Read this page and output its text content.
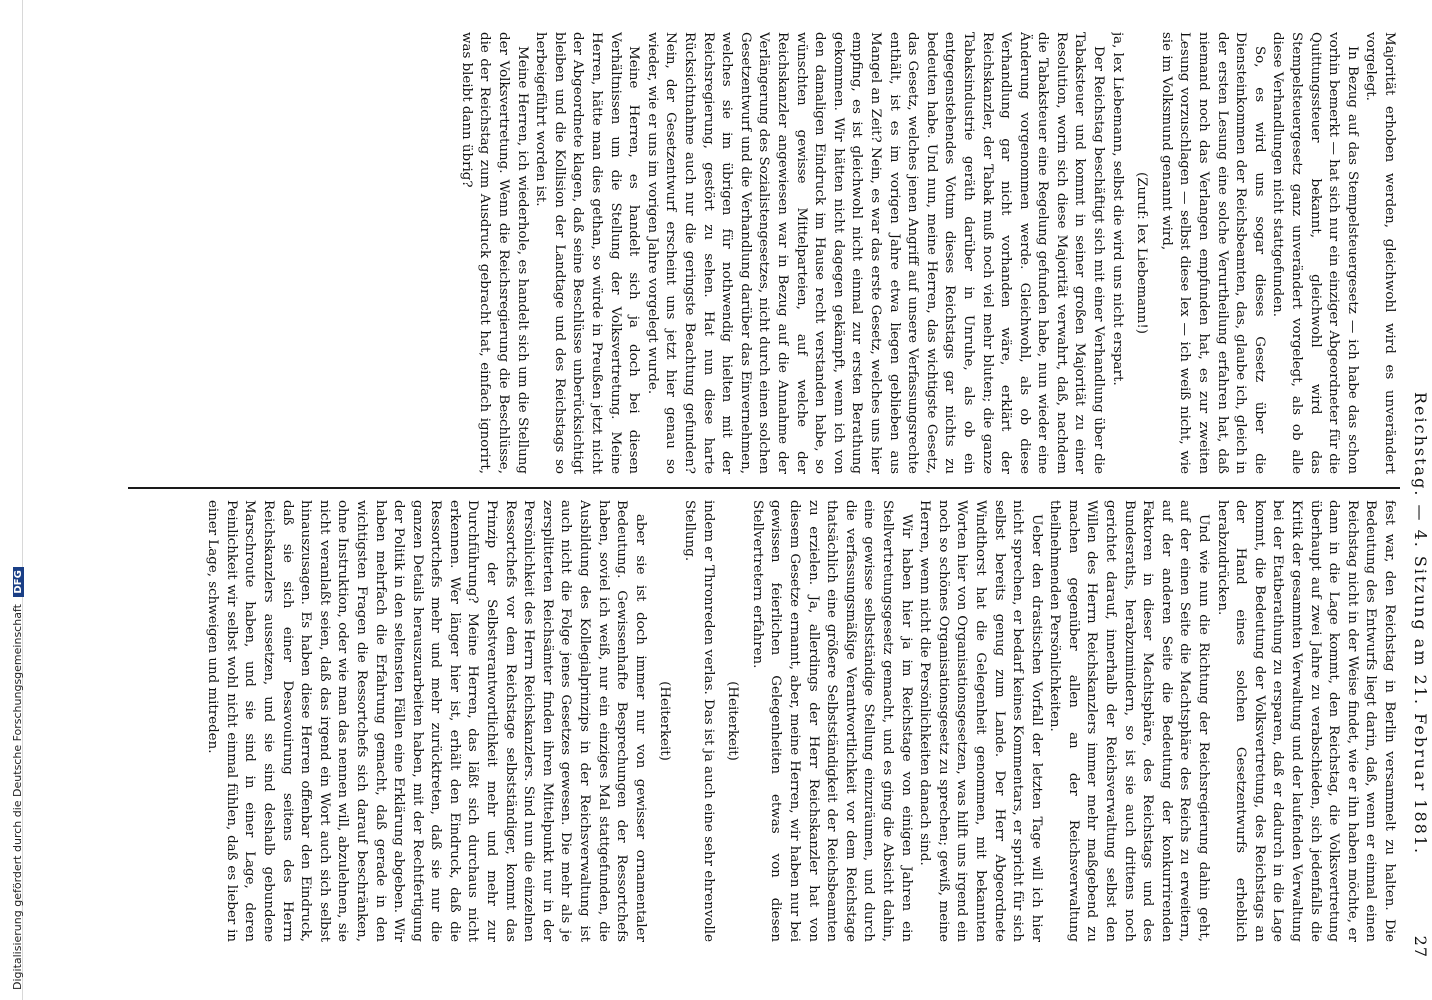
Digitalisierung gefördert durch die Deutsche Forschungsgemeinschaft DFG	Reichstag. — 4. Sitzung am 21. Februar 1881.
27

Majorität erhoben werden, gleichwohl wird es unverändert vorgelegt.

In Bezug auf das Stempelsteuergesetz — ich habe das schon vorhin bemerkt — hat sich nur ein einziger Abgeordneter für die Quittungssteuer bekannt, gleichwohl wird das Stempelsteuergesetz ganz unverändert vorgelegt, als ob alle diese Verhandlungen nicht stattgefunden.

So, es wird uns sogar dieses Gesetz über die Diensteinkommen der Reichsbeamten, das, glaube ich, gleich in der ersten Lesung eine solche Verurtheilung erfahren hat, daß niemand noch das Verlangen empfunden hat, es zur zweiten Lesung vorzuschlagen — selbst diese lex — ich weiß nicht, wie sie im Volksmund genannt wird,

(Zuruf: lex Liebemann!)

ja, lex Liebemann, selbst die wird uns nicht erspart.

Der Reichstag beschäftigt sich mit einer Verhandlung über die Tabaksteuer und kommt in seiner großen Majorität zu einer Resolution, worin sich diese Majorität verwahrt, daß, nachdem die Tabaksteuer eine Regelung gefunden habe, nun wieder eine Änderung vorgenommen werde. Gleichwohl, als ob diese Verhandlung gar nicht vorhanden wäre, erklärt der Reichskanzler, der Tabak muß noch viel mehr bluten; die ganze Tabaksindustrie geräth darüber in Unruhe, als ob ein entgegenstehendes Votum dieses Reichstags gar nichts zu bedeuten habe. Und nun, meine Herren, das wichtigste Gesetz, das Gesetz, welches jenen Angriff auf unsere Verfassungsrechte enthält, ist es im vorigen Jahre etwa liegen geblieben aus Mangel an Zeit? Nein, es war das erste Gesetz, welches uns hier empfing, es ist gleichwohl nicht einmal zur ersten Berathung gekommen. Wir hätten nicht dagegen gekämpft, wenn ich von den damaligen Eindruck im Hause recht verstanden habe, so wünschten gewisse Mittelparteien, auf welche der Reichskanzler angewiesen war in Bezug auf die Annahme der Verlängerung des Sozialistengesetzes, nicht durch einen solchen Gesetzentwurf und die Verhandlung darüber das Einvernehmen, welches sie im übrigen für nothwendig hielten mit der Reichsregierung, gestört zu sehen. Hat nun diese harte Rücksichtnahme auch nur die geringste Beachtung gefunden? Nein, der Gesetzentwurf erscheint uns jetzt hier genau so wieder, wie er uns im vorigen Jahre vorgelegt wurde.

Meine Herren, es handelt sich ja doch bei diesen Verhältnissen um die Stellung der Volksvertretung. Meine Herren, hätte man dies gethan, so würde in Preußen jetzt nicht der Abgeordnete klagen, daß seine Beschlüsse unberücksichtigt bleiben und die Kollision der Landtage und des Reichstags so herbeigeführt worden ist.

Meine Herren, ich wiederhole, es handelt sich um die Stellung der Volksvertretung. Wenn die Reichsregierung die Beschlüsse, die der Reichstag zum Ausdruck gebracht hat, einfach ignorirt, was bleibt dann übrig?

fest war, den Reichstag in Berlin versammelt zu halten. Die Bedeutung des Entwurfs liegt darin, daß, wenn er einmal einen Reichstag nicht in der Weise findet, wie er ihn haben möchte, er dann in die Lage kommt, den Reichstag, die Volksvertretung überhaupt auf zwei Jahre zu verabschieden, sich jedenfalls die Kritik der gesammten Verwaltung und der laufenden Verwaltung bei der Etatberathung zu ersparen, daß er dadurch in die Lage kommt, die Bedeutung der Volksvertretung, des Reichstags an der Hand eines solchen Gesetzentwurfs erheblich herabzudrücken.

Und wie nun die Richtung der Reichsregierung dahin geht, auf der einen Seite die Machtsphäre des Reichs zu erweitern, auf der anderen Seite die Bedeutung der konkurrirenden Faktoren in dieser Machtsphäre, des Reichstags und des Bundesraths, herabzumindern, so ist sie auch drittens noch gerichtet darauf, innerhalb der Reichsverwaltung selbst den Willen des Herrn Reichskanzlers immer mehr maßgebend zu machen gegenüber allen an der Reichsverwaltung theilnehmenden Persönlichkeiten.

Ueber den drastischen Vorfall der letzten Tage will ich hier nicht sprechen, er bedarf keines Kommentars, er spricht für sich selbst bereits genug zum Lande. Der Herr Abgeordnete Windthorst hat die Gelegenheit genommen, mit bekannten Worten hier von Organisationsgesetzen, was hilft uns irgend ein noch so schönes Organisationsgesetz zu sprechen; gewiß, meine Herren, wenn nicht die Persönlichkeiten danach sind.

Wir haben hier ja im Reichstage von einigen Jahren ein Stellvertretungsgesetz gemacht, und es ging die Absicht dahin, eine gewisse selbstständige Stellung einzuräumen, und durch die verfassungsmäßige Verantwortlichkeit vor dem Reichstage thatsächlich eine größere Selbstständigkeit der Reichsbeamten zu erzielen. Ja, allerdings der Herr Reichskanzler hat von diesem Gesetze ernannt, aber, meine Herren, wir haben nur bei gewissen feierlichen Gelegenheiten etwas von diesen Stellvertretern erfahren.

(Heiterkeit)

indem er Thronreden verlas. Das ist ja auch eine sehr ehrenvolle Stellung.

(Heiterkeit)

aber sie ist doch immer nur von gewisser ornamentaler Bedeutung. Gewissenhafte Besprechungen der Ressortchefs haben, soviel ich weiß, nur ein einziges Mal stattgefunden, die Ausbildung des Kollegialprinzips in der Reichsverwaltung ist auch nicht die Folge jenes Gesetzes gewesen. Die mehr als je zersplitterten Reichsämter finden ihren Mittelpunkt nur in der Persönlichkeit des Herrn Reichskanzlers. Sind nun die einzelnen Ressortchefs vor dem Reichstage selbstständiger, kommt das Prinzip der Selbstverantwortlichkeit mehr und mehr zur Durchführung? Meine Herren, das läßt sich durchaus nicht erkennen. Wer länger hier ist, erhält den Eindruck, daß die Ressortchefs mehr und mehr zurücktreten, daß sie nur die ganzen Details herauszuarbeiten haben, mit der Rechtfertigung der Politik in den seltensten Fällen eine Erklärung abgeben. Wir haben mehrfach die Erfahrung gemacht, daß gerade in den wichtigsten Fragen die Ressortchefs sich darauf beschränken, ohne Instruktion, oder wie man das nennen will, abzulehnen, sie nicht veranlaßt seien, daß das irgend ein Wort auch sich selbst hinauszusagen. Es haben diese Herren offenbar den Eindruck, daß sie sich einer Desavouirung seitens des Herrn Reichskanzlers aussetzen, und sie sind deshalb gebundene Marschroute haben, und sie sind in einer Lage, deren Peinlichkeit wir selbst wohl nicht einmal fühlen, daß es lieber in einer Lage, schweigen und mitreden.
